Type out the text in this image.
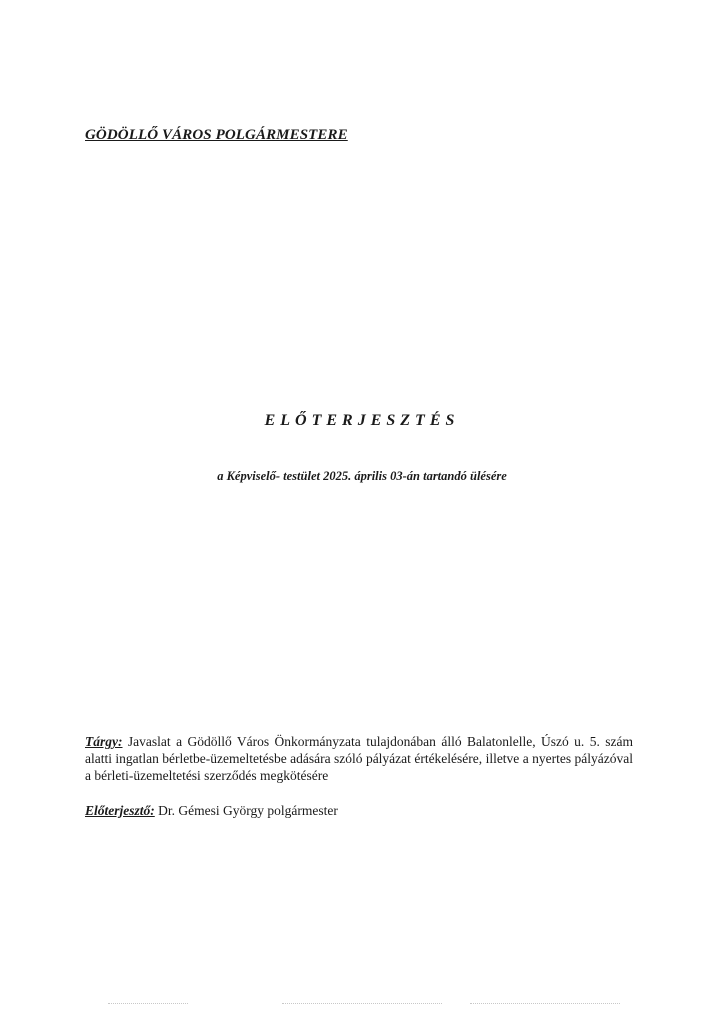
GÖDÖLLŐ VÁROS POLGÁRMESTERE
ELŐTERJESZTÉS
a Képviselő- testület 2025. április 03-án tartandó ülésére
Tárgy: Javaslat a Gödöllő Város Önkormányzata tulajdonában álló Balatonlelle, Úszó u. 5. szám alatti ingatlan bérletbe-üzemeltetésbe adására szóló pályázat értékelésére, illetve a nyertes pályázóval a bérleti-üzemeltetési szerződés megkötésére
Előterjesztő: Dr. Gémesi György polgármester
